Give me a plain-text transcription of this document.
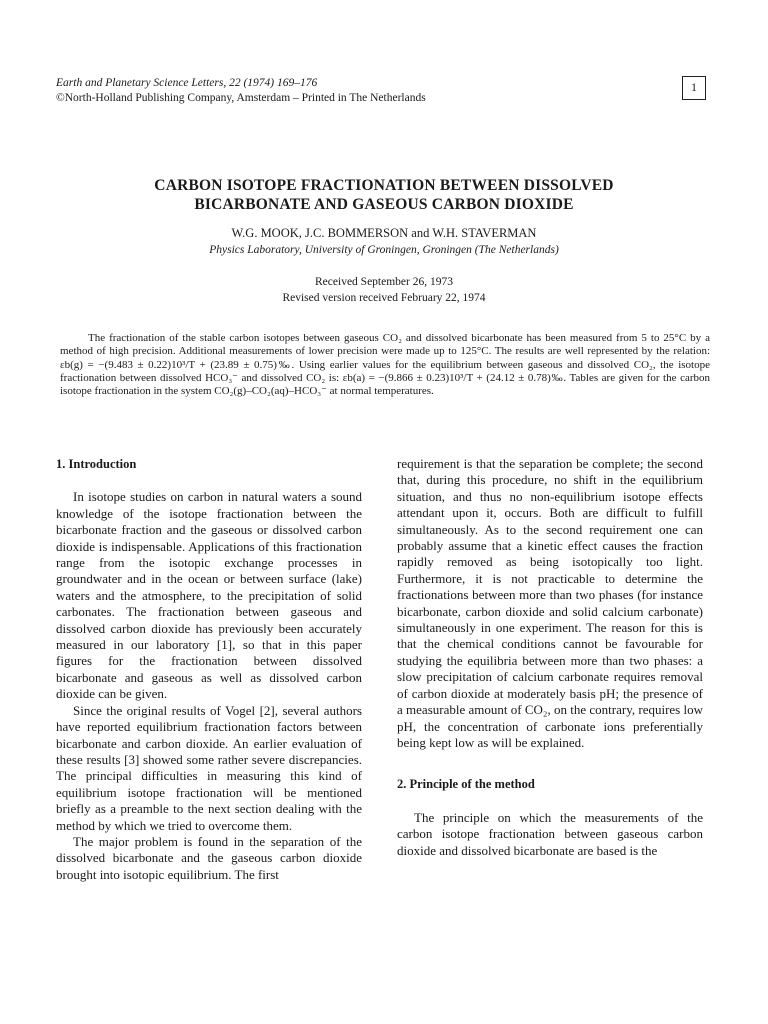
Earth and Planetary Science Letters, 22 (1974) 169–176
©North-Holland Publishing Company, Amsterdam – Printed in The Netherlands
1
CARBON ISOTOPE FRACTIONATION BETWEEN DISSOLVED
BICARBONATE AND GASEOUS CARBON DIOXIDE
W.G. MOOK, J.C. BOMMERSON and W.H. STAVERMAN
Physics Laboratory, University of Groningen, Groningen (The Netherlands)
Received September 26, 1973
Revised version received February 22, 1974

The fractionation of the stable carbon isotopes between gaseous CO₂ and dissolved bicarbonate has been measured from 5 to 25°C by a method of high precision. Additional measurements of lower precision were made up to 125°C. The results are well represented by the relation: εb(g) = −(9.483 ± 0.22)10³/T + (23.89 ± 0.75)‰. Using earlier values for the equilibrium between gaseous and dissolved CO₂, the isotope fractionation between dissolved HCO₃⁻ and dissolved CO₂ is: εb(a) = −(9.866 ± 0.23)10³/T + (24.12 ± 0.78)‰. Tables are given for the carbon isotope fractionation in the system CO₂(g)–CO₂(aq)–HCO₃⁻ at normal temperatures.

1. Introduction

In isotope studies on carbon in natural waters a sound knowledge of the isotope fractionation between the bicarbonate fraction and the gaseous or dissolved carbon dioxide is indispensable. Applications of this fractionation range from the isotopic exchange processes in groundwater and in the ocean or between surface (lake) waters and the atmosphere, to the precipitation of solid carbonates. The fractionation between gaseous and dissolved carbon dioxide has previously been accurately measured in our laboratory [1], so that in this paper figures for the fractionation between dissolved bicarbonate and gaseous as well as dissolved carbon dioxide can be given.

Since the original results of Vogel [2], several authors have reported equilibrium fractionation factors between bicarbonate and carbon dioxide. An earlier evaluation of these results [3] showed some rather severe discrepancies. The principal difficulties in measuring this kind of equilibrium isotope fractionation will be mentioned briefly as a preamble to the next section dealing with the method by which we tried to overcome them.

The major problem is found in the separation of the dissolved bicarbonate and the gaseous carbon dioxide brought into isotopic equilibrium. The first

requirement is that the separation be complete; the second that, during this procedure, no shift in the equilibrium situation, and thus no non-equilibrium isotope effects attendant upon it, occurs. Both are difficult to fulfill simultaneously. As to the second requirement one can probably assume that a kinetic effect causes the fraction rapidly removed as being isotopically too light. Furthermore, it is not practicable to determine the fractionations between more than two phases (for instance bicarbonate, carbon dioxide and solid calcium carbonate) simultaneously in one experiment. The reason for this is that the chemical conditions cannot be favourable for studying the equilibria between more than two phases: a slow precipitation of calcium carbonate requires removal of carbon dioxide at moderately basis pH; the presence of a measurable amount of CO₂, on the contrary, requires low pH, the concentration of carbonate ions preferentially being kept low as will be explained.

2. Principle of the method

The principle on which the measurements of the carbon isotope fractionation between gaseous carbon dioxide and dissolved bicarbonate are based is the
